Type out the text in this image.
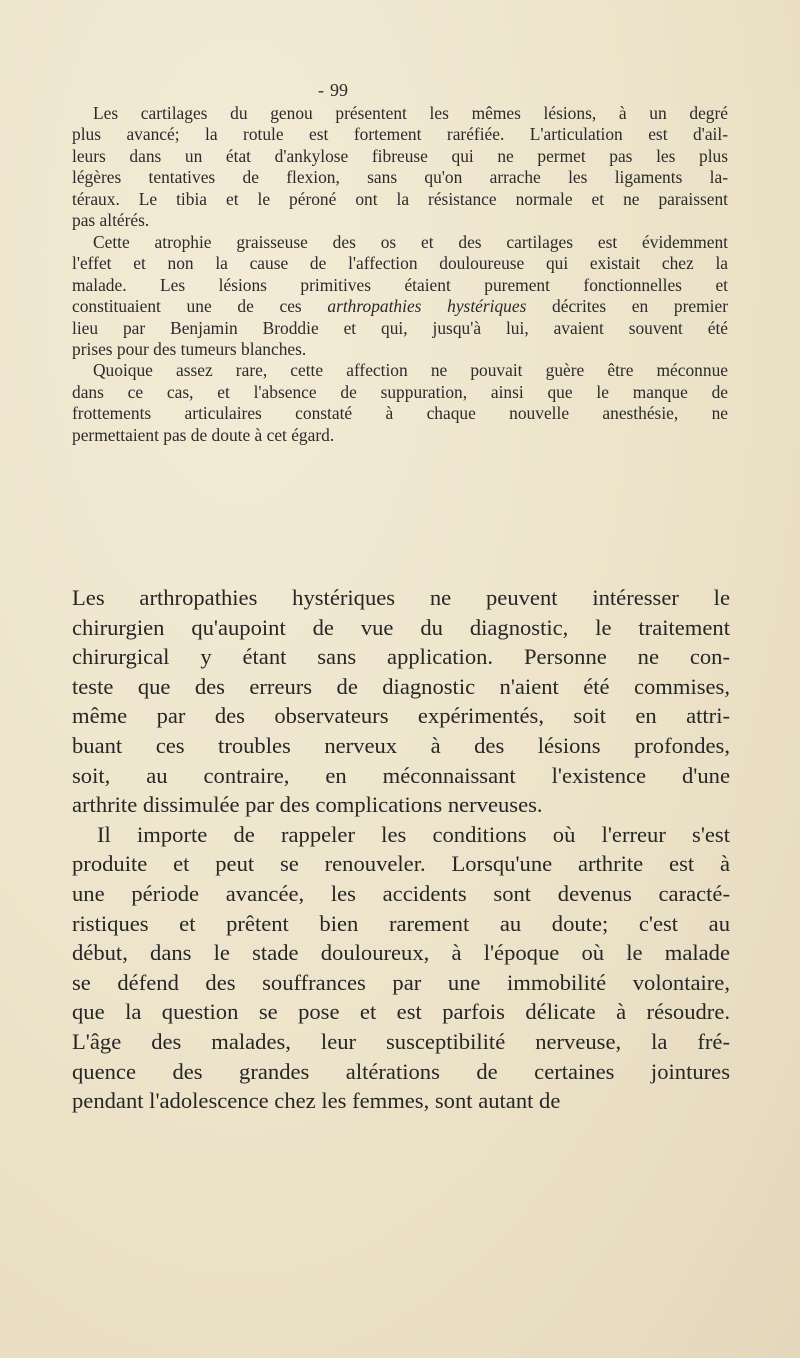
- 99

Les cartilages du genou présentent les mêmes lésions, à un degré
plus avancé; la rotule est fortement raréfiée. L'articulation est d'ail-
leurs dans un état d'ankylose fibreuse qui ne permet pas les plus
légères tentatives de flexion, sans qu'on arrache les ligaments la-
téraux. Le tibia et le péroné ont la résistance normale et ne paraissent
pas altérés.

Cette atrophie graisseuse des os et des cartilages est évidemment
l'effet et non la cause de l'affection douloureuse qui existait chez la
malade. Les lésions primitives étaient purement fonctionnelles et
constituaient une de ces arthropathies hystériques décrites en premier
lieu par Benjamin Broddie et qui, jusqu'à lui, avaient souvent été
prises pour des tumeurs blanches.

Quoique assez rare, cette affection ne pouvait guère être méconnue
dans ce cas, et l'absence de suppuration, ainsi que le manque de
frottements articulaires constaté à chaque nouvelle anesthésie, ne
permettaient pas de doute à cet égard.

Les arthropathies hystériques ne peuvent intéresser le
chirurgien qu'aupoint de vue du diagnostic, le traitement
chirurgical y étant sans application. Personne ne con-
teste que des erreurs de diagnostic n'aient été commises,
même par des observateurs expérimentés, soit en attri-
buant ces troubles nerveux à des lésions profondes,
soit, au contraire, en méconnaissant l'existence d'une
arthrite dissimulée par des complications nerveuses.

Il importe de rappeler les conditions où l'erreur s'est
produite et peut se renouveler. Lorsqu'une arthrite est à
une période avancée, les accidents sont devenus caracté-
ristiques et prêtent bien rarement au doute; c'est au
début, dans le stade douloureux, à l'époque où le malade
se défend des souffrances par une immobilité volontaire,
que la question se pose et est parfois délicate à résoudre.
L'âge des malades, leur susceptibilité nerveuse, la fré-
quence des grandes altérations de certaines jointures
pendant l'adolescence chez les femmes, sont autant de
